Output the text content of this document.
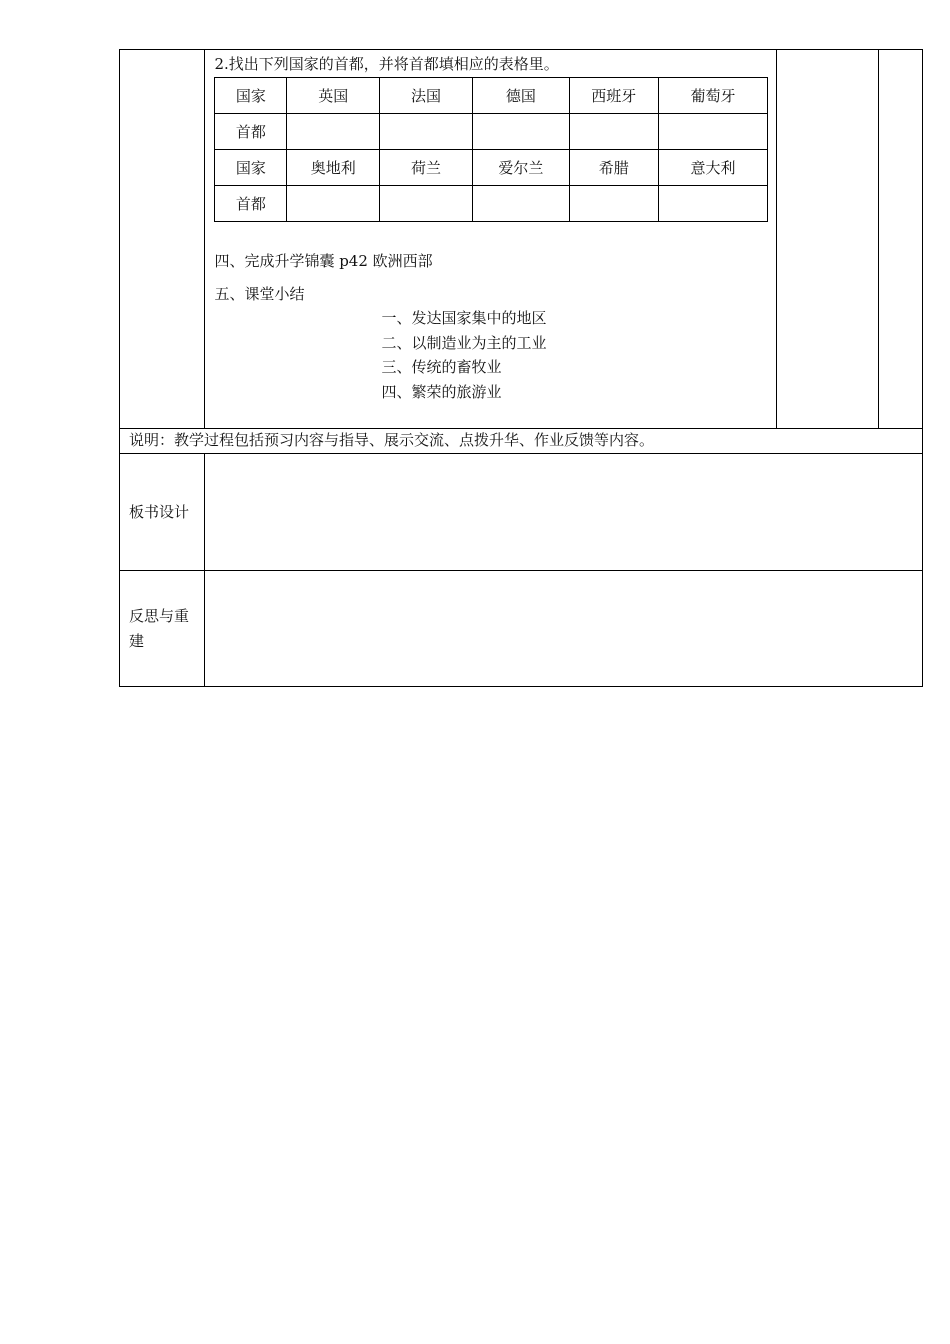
2.找出下列国家的首都，并将首都填相应的表格里。
国家	英国	法国	德国	西班牙	葡萄牙
首都					
国家	奥地利	荷兰	爱尔兰	希腊	意大利
首都					
四、完成升学锦囊 p42 欧洲西部
五、课堂小结
一、发达国家集中的地区
二、以制造业为主的工业
三、传统的畜牧业
四、繁荣的旅游业

说明：教学过程包括预习内容与指导、展示交流、点拨升华、作业反馈等内容。
板书设计	
反思与重建	
